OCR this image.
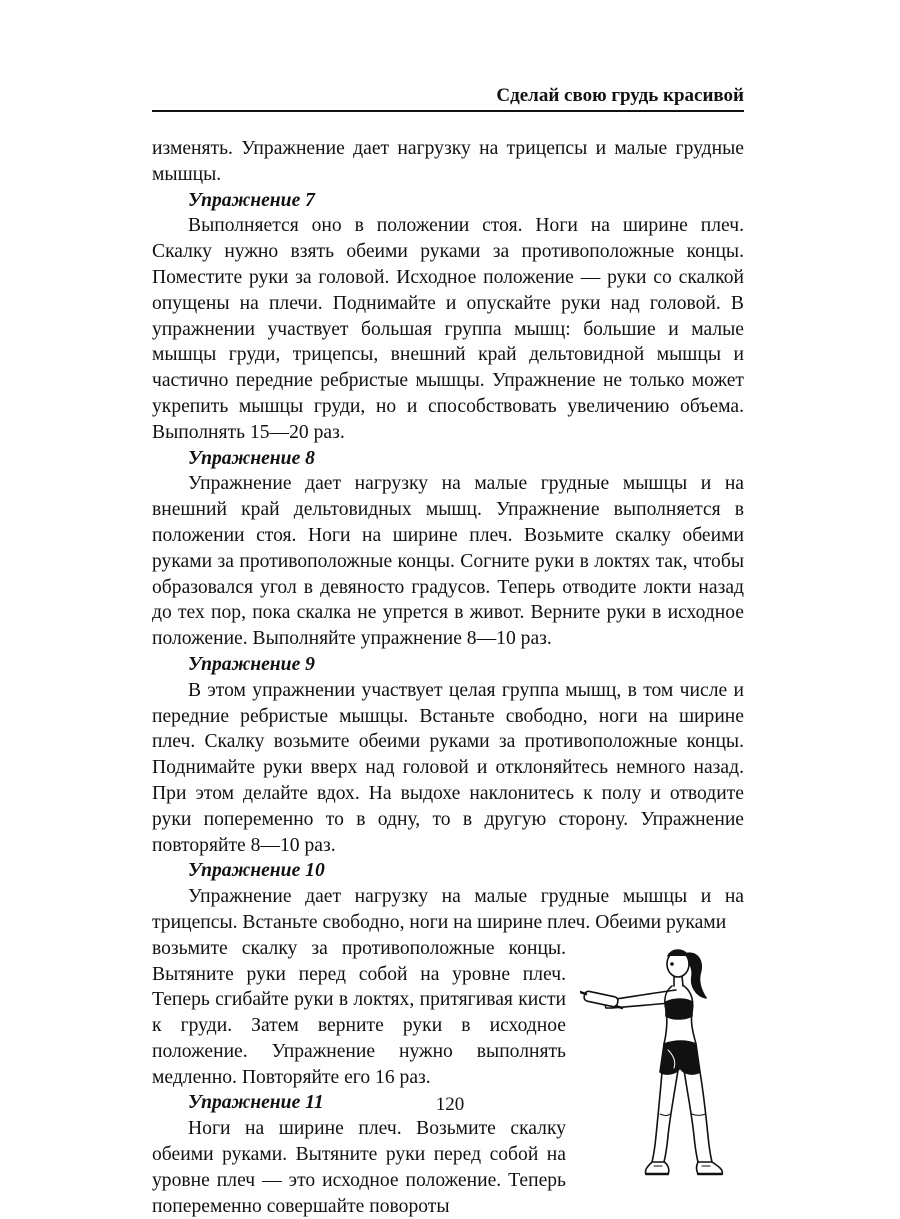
Сделай свою грудь красивой

изменять. Упражнение дает нагрузку на трицепсы и малые грудные мышцы.

Упражнение 7

Выполняется оно в положении стоя. Ноги на ширине плеч. Скалку нужно взять обеими руками за противоположные концы. Поместите руки за головой. Исходное положение — руки со скалкой опущены на плечи. Поднимайте и опускайте руки над головой. В упражнении участвует большая группа мышц: большие и малые мышцы груди, трицепсы, внешний край дельтовидной мышцы и частично передние ребристые мышцы. Упражнение не только может укрепить мышцы груди, но и способствовать увеличению объема. Выполнять 15—20 раз.

Упражнение 8

Упражнение дает нагрузку на малые грудные мышцы и на внешний край дельтовидных мышц. Упражнение выполняется в положении стоя. Ноги на ширине плеч. Возьмите скалку обеими руками за противоположные концы. Согните руки в локтях так, чтобы образовался угол в девяносто градусов. Теперь отводите локти назад до тех пор, пока скалка не упрется в живот. Верните руки в исходное положение. Выполняйте упражнение 8—10 раз.

Упражнение 9

В этом упражнении участвует целая группа мышц, в том числе и передние ребристые мышцы. Встаньте свободно, ноги на ширине плеч. Скалку возьмите обеими руками за противоположные концы. Поднимайте руки вверх над головой и отклоняйтесь немного назад. При этом делайте вдох. На выдохе наклонитесь к полу и отводите руки попеременно то в одну, то в другую сторону. Упражнение повторяйте 8—10 раз.

Упражнение 10

Упражнение дает нагрузку на малые грудные мышцы и на трицепсы. Встаньте свободно, ноги на ширине плеч. Обеими руками

возьмите скалку за противоположные концы. Вытяните руки перед собой на уровне плеч. Теперь сгибайте руки в локтях, притягивая кисти к груди. Затем верните руки в исходное положение. Упражнение нужно выполнять медленно. Повторяйте его 16 раз.

Упражнение 11

Ноги на ширине плеч. Возьмите скалку обеими руками. Вытяните руки перед собой на уровне плеч — это исходное положение. Теперь попеременно совершайте повороты

120
